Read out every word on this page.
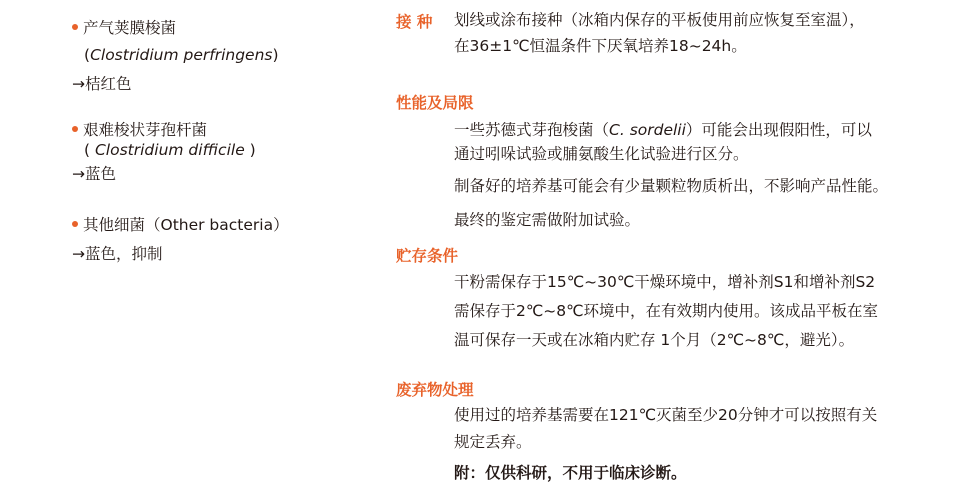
产气荚膜梭菌
(Clostridium perfringens)
→桔红色
艰难梭状芽孢杆菌
( Clostridium difficile )
→蓝色
其他细菌（Other bacteria）
→蓝色，抑制
接 种 划线或涂布接种（冰箱内保存的平板使用前应恢复至室温），
在36±1℃恒温条件下厌氧培养18~24h。
性能及局限
一些苏德式芽孢梭菌（C. sordelii）可能会出现假阳性，可以
通过吲哚试验或脯氨酸生化试验进行区分。
制备好的培养基可能会有少量颗粒物质析出，不影响产品性能。
最终的鉴定需做附加试验。
贮存条件
干粉需保存于15℃~30℃干燥环境中，增补剂S1和增补剂S2
需保存于2℃~8℃环境中，在有效期内使用。该成品平板在室
温可保存一天或在冰箱内贮存 1个月（2℃~8℃，避光）。
废弃物处理
使用过的培养基需要在121℃灭菌至少20分钟才可以按照有关
规定丢弃。
附：仅供科研，不用于临床诊断。
